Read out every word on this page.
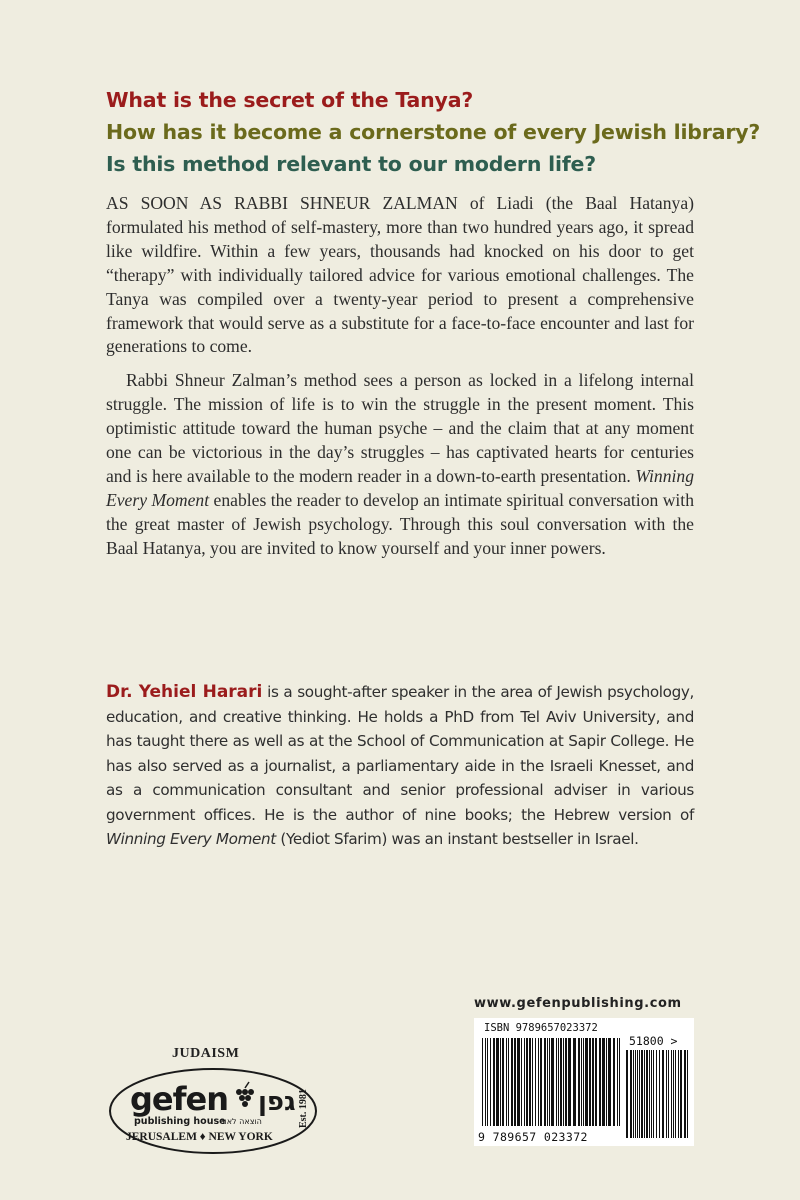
What is the secret of the Tanya?
How has it become a cornerstone of every Jewish library?
Is this method relevant to our modern life?

AS SOON AS RABBI SHNEUR ZALMAN of Liadi (the Baal Hatanya) formulated his method of self-mastery, more than two hundred years ago, it spread like wildfire. Within a few years, thousands had knocked on his door to get “therapy” with individually tailored advice for various emotional challenges. The Tanya was compiled over a twenty-year period to present a comprehensive framework that would serve as a substitute for a face-to-face encounter and last for generations to come.

Rabbi Shneur Zalman’s method sees a person as locked in a lifelong internal struggle. The mission of life is to win the struggle in the present moment. This optimistic attitude toward the human psyche – and the claim that at any moment one can be victorious in the day’s struggles – has captivated hearts for centuries and is here available to the modern reader in a down-to-earth presentation. Winning Every Moment enables the reader to develop an intimate spiritual conversation with the great master of Jewish psychology. Through this soul conversation with the Baal Hatanya, you are invited to know yourself and your inner powers.

Dr. Yehiel Harari is a sought-after speaker in the area of Jewish psychology, education, and creative thinking. He holds a PhD from Tel Aviv University, and has taught there as well as at the School of Communication at Sapir College. He has also served as a journalist, a parliamentary aide in the Israeli Knesset, and as a communication consultant and senior professional adviser in various government offices. He is the author of nine books; the Hebrew version of Winning Every Moment (Yediot Sfarim) was an instant bestseller in Israel.
www.gefenpublishing.com
ISBN 9789657023372
51800 >
9 789657 023372
JUDAISM
gefen גפן
publishing house
הוצאה לאור
JERUSALEM ♦ NEW YORK
Est. 1981
